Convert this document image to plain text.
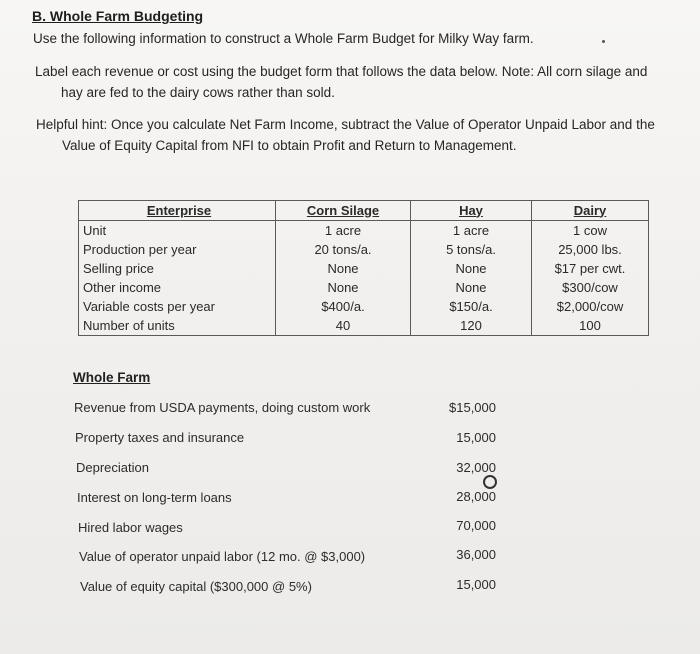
B. Whole Farm Budgeting
Use the following information to construct a Whole Farm Budget for Milky Way farm.
Label each revenue or cost using the budget form that follows the data below. Note: All corn silage and
hay are fed to the dairy cows rather than sold.
Helpful hint: Once you calculate Net Farm Income, subtract the Value of Operator Unpaid Labor and the
Value of Equity Capital from NFI to obtain Profit and Return to Management.
Enterprise	Corn Silage	Hay	Dairy
Unit	1 acre	1 acre	1 cow
Production per year	20 tons/a.	5 tons/a.	25,000 lbs.
Selling price	None	None	$17 per cwt.
Other income	None	None	$300/cow
Variable costs per year	$400/a.	$150/a.	$2,000/cow
Number of units	40	120	100
Whole Farm
Revenue from USDA payments, doing custom work	$15,000
Property taxes and insurance	15,000
Depreciation	32,000
Interest on long-term loans	28,000
Hired labor wages	70,000
Value of operator unpaid labor (12 mo. @ $3,000)	36,000
Value of equity capital ($300,000 @ 5%)	15,000
